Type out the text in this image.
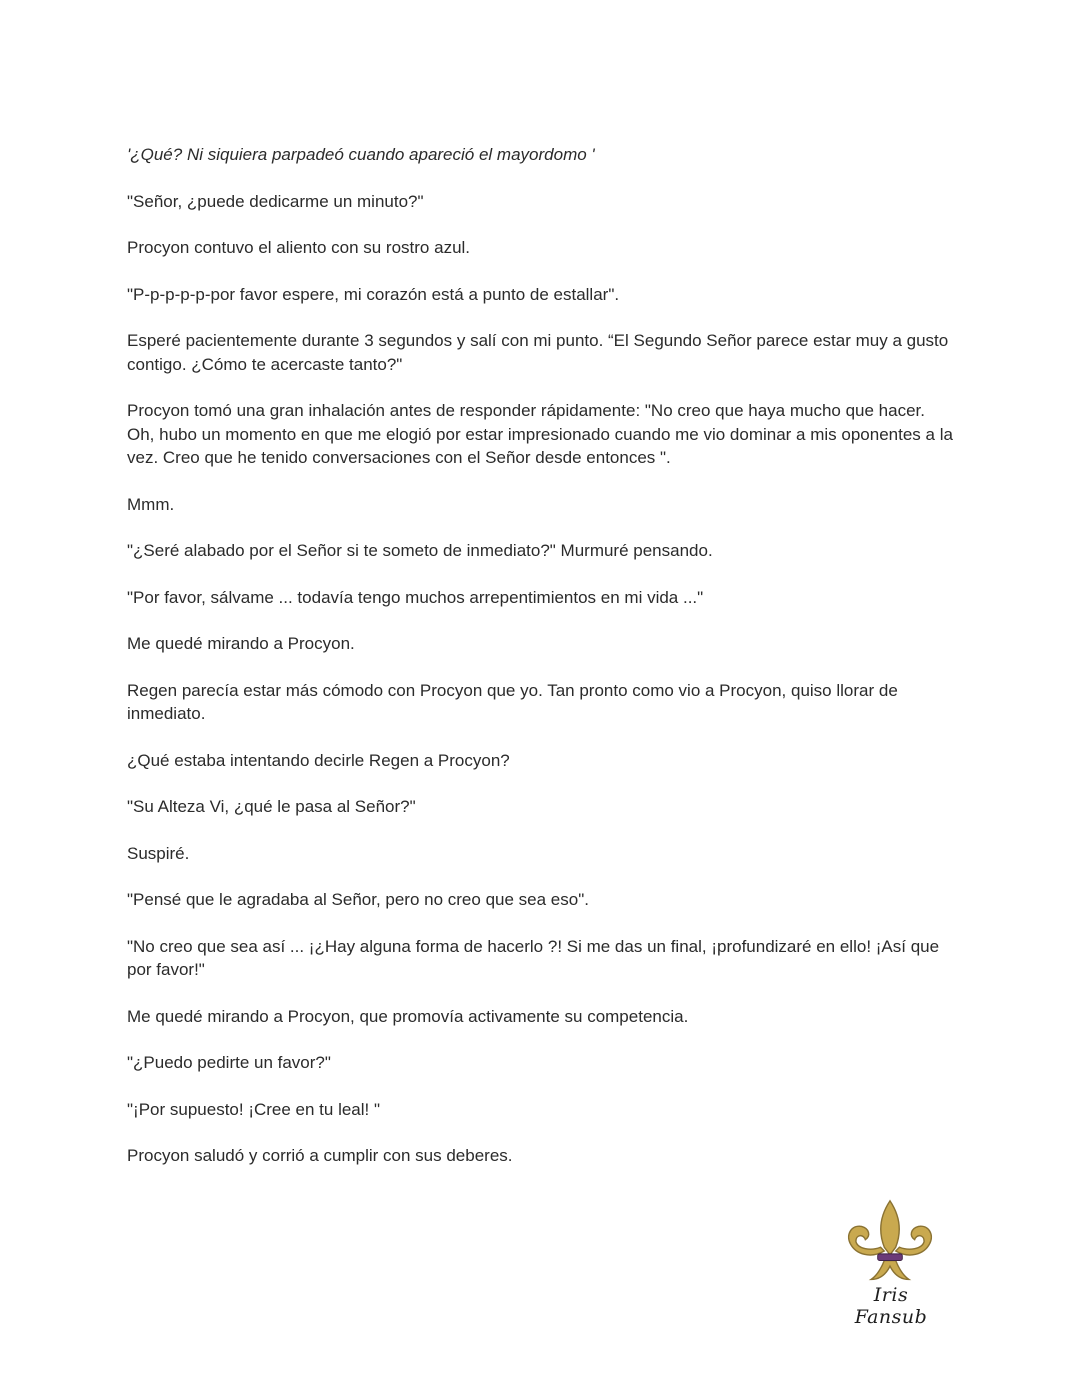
'¿Qué? Ni siquiera parpadeó cuando apareció el mayordomo '

"Señor, ¿puede dedicarme un minuto?"

Procyon contuvo el aliento con su rostro azul.

"P-p-p-p-p-por favor espere, mi corazón está a punto de estallar".

Esperé pacientemente durante 3 segundos y salí con mi punto. “El Segundo Señor parece estar muy a gusto contigo. ¿Cómo te acercaste tanto?"

Procyon tomó una gran inhalación antes de responder rápidamente: "No creo que haya mucho que hacer. Oh, hubo un momento en que me elogió por estar impresionado cuando me vio dominar a mis oponentes a la vez. Creo que he tenido conversaciones con el Señor desde entonces ".

Mmm.

"¿Seré alabado por el Señor si te someto de inmediato?" Murmuré pensando.

"Por favor, sálvame ... todavía tengo muchos arrepentimientos en mi vida ..."

Me quedé mirando a Procyon.

Regen parecía estar más cómodo con Procyon que yo. Tan pronto como vio a Procyon, quiso llorar de inmediato.

¿Qué estaba intentando decirle Regen a Procyon?

"Su Alteza Vi, ¿qué le pasa al Señor?"

Suspiré.

"Pensé que le agradaba al Señor, pero no creo que sea eso".

"No creo que sea así ... ¡¿Hay alguna forma de hacerlo ?! Si me das un final, ¡profundizaré en ello! ¡Así que por favor!"

Me quedé mirando a Procyon, que promovía activamente su competencia.

"¿Puedo pedirte un favor?"

"¡Por supuesto! ¡Cree en tu leal! "

Procyon saludó y corrió a cumplir con sus deberes.

Iris Fansub
